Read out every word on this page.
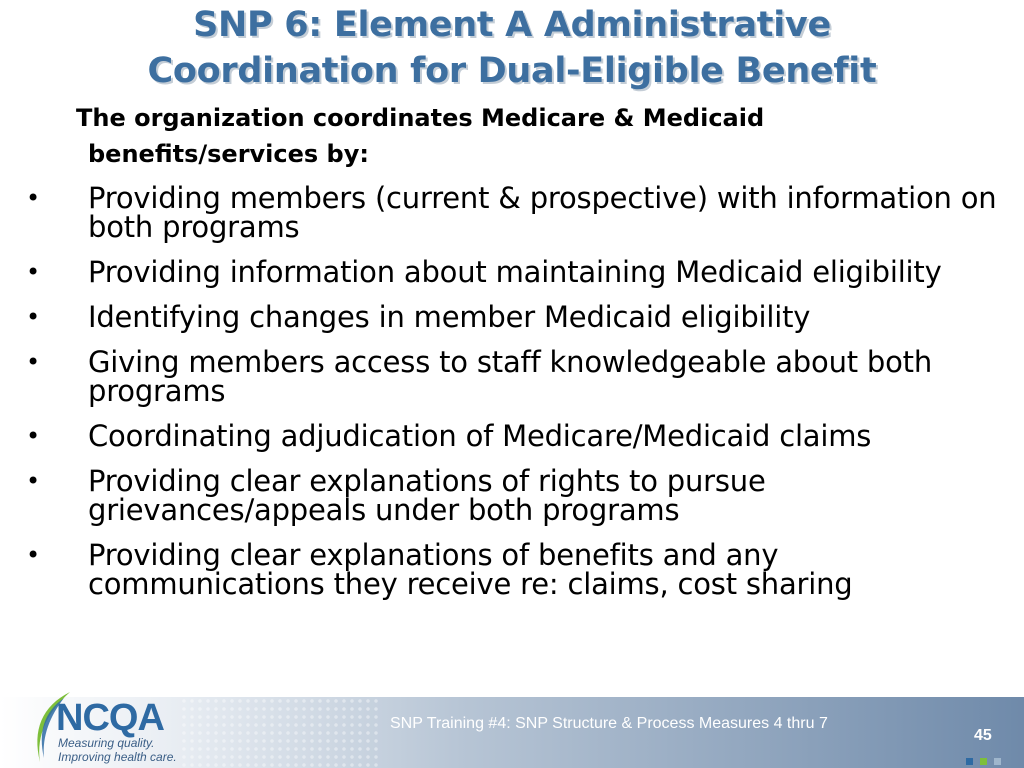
SNP 6: Element A Administrative
Coordination for Dual-Eligible Benefit
The organization coordinates Medicare & Medicaid benefits/services by:
• Providing members (current & prospective) with information on both programs
• Providing information about maintaining Medicaid eligibility
• Identifying changes in member Medicaid eligibility
• Giving members access to staff knowledgeable about both programs
• Coordinating adjudication of Medicare/Medicaid claims
• Providing clear explanations of rights to pursue grievances/appeals under both programs
• Providing clear explanations of benefits and any communications they receive re: claims, cost sharing
NCQA
Measuring quality.
Improving health care.
SNP Training #4: SNP Structure & Process Measures 4 thru 7
45
